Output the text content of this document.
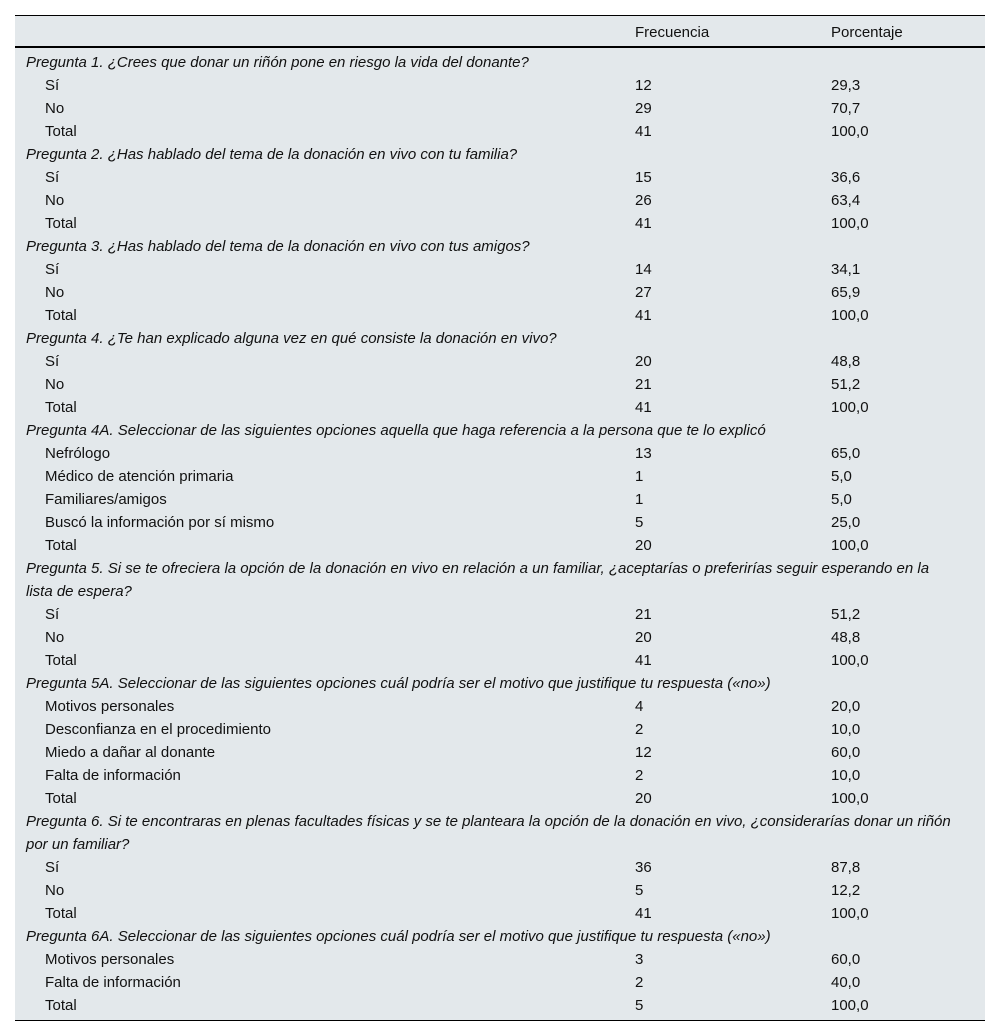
	Frecuencia	Porcentaje
Pregunta 1. ¿Crees que donar un riñón pone en riesgo la vida del donante?		
Sí	12	29,3
No	29	70,7
Total	41	100,0
Pregunta 2. ¿Has hablado del tema de la donación en vivo con tu familia?		
Sí	15	36,6
No	26	63,4
Total	41	100,0
Pregunta 3. ¿Has hablado del tema de la donación en vivo con tus amigos?		
Sí	14	34,1
No	27	65,9
Total	41	100,0
Pregunta 4. ¿Te han explicado alguna vez en qué consiste la donación en vivo?		
Sí	20	48,8
No	21	51,2
Total	41	100,0
Pregunta 4A. Seleccionar de las siguientes opciones aquella que haga referencia a la persona que te lo explicó		
Nefrólogo	13	65,0
Médico de atención primaria	1	5,0
Familiares/amigos	1	5,0
Buscó la información por sí mismo	5	25,0
Total	20	100,0
Pregunta 5. Si se te ofreciera la opción de la donación en vivo en relación a un familiar, ¿aceptarías o preferirías seguir esperando en la lista de espera?		
Sí	21	51,2
No	20	48,8
Total	41	100,0
Pregunta 5A. Seleccionar de las siguientes opciones cuál podría ser el motivo que justifique tu respuesta («no»)		
Motivos personales	4	20,0
Desconfianza en el procedimiento	2	10,0
Miedo a dañar al donante	12	60,0
Falta de información	2	10,0
Total	20	100,0
Pregunta 6. Si te encontraras en plenas facultades físicas y se te planteara la opción de la donación en vivo, ¿considerarías donar un riñón por un familiar?		
Sí	36	87,8
No	5	12,2
Total	41	100,0
Pregunta 6A. Seleccionar de las siguientes opciones cuál podría ser el motivo que justifique tu respuesta («no»)		
Motivos personales	3	60,0
Falta de información	2	40,0
Total	5	100,0
